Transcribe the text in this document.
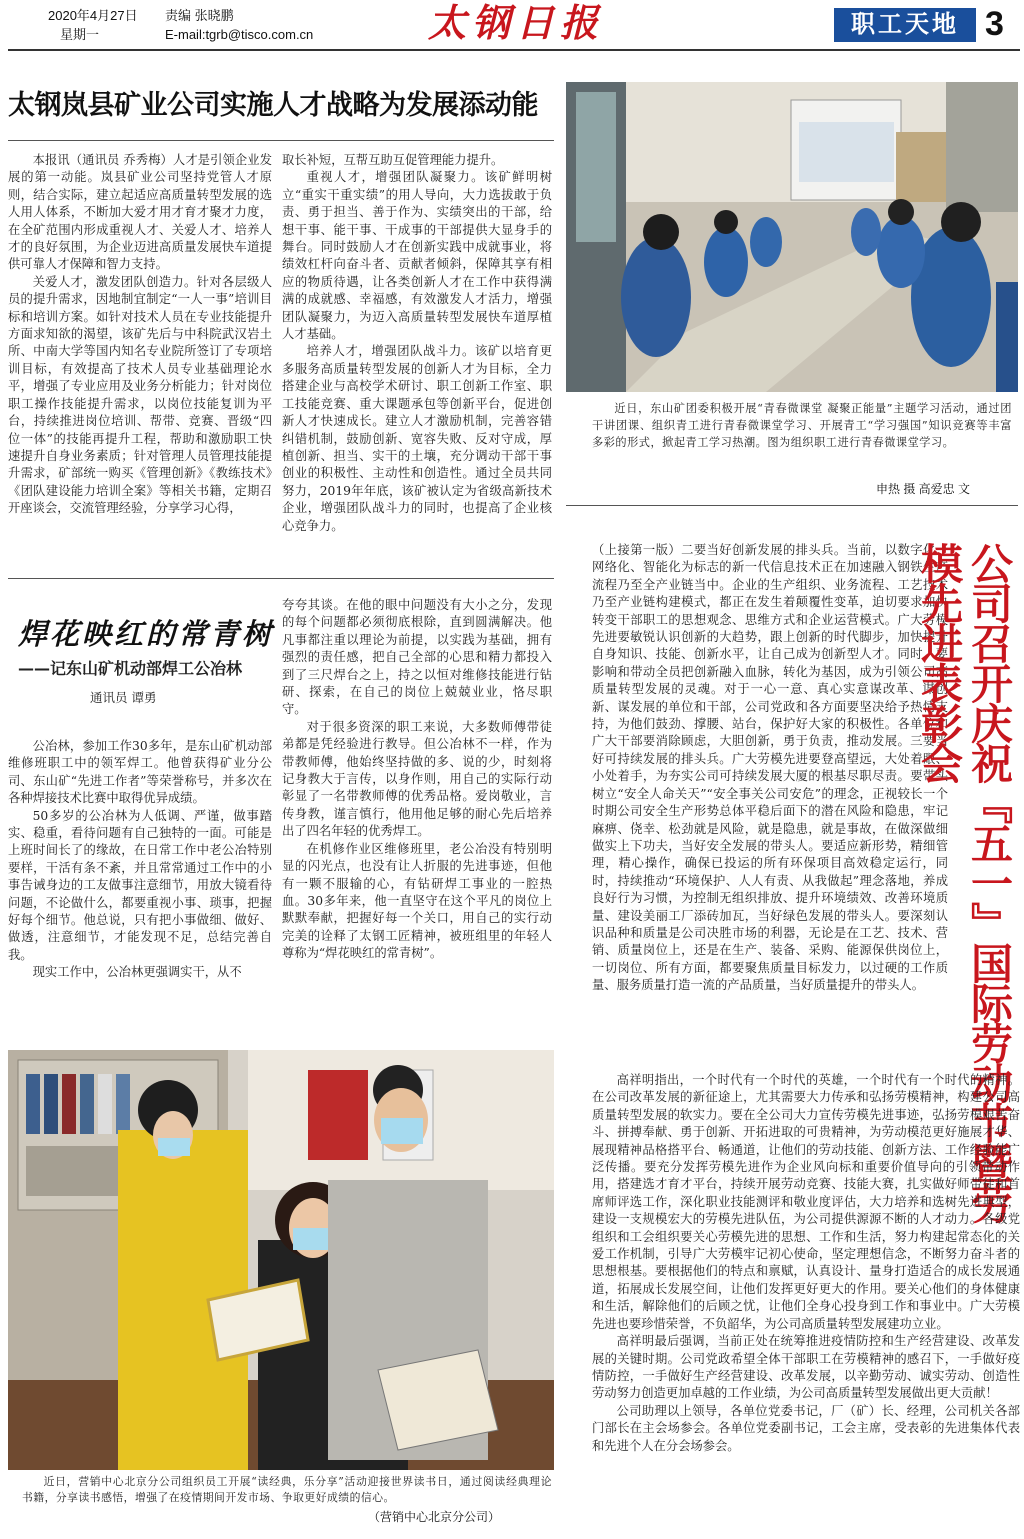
2020年4月27日
星期一
责编 张晓鹏
E-mail:tgrb@tisco.com.cn	太钢日报	职工天地 3
太钢岚县矿业公司实施人才战略为发展添动能

本报讯（通讯员 乔秀梅）人才是引领企业发展的第一动能。岚县矿业公司坚持党管人才原则，结合实际，建立起适应高质量转型发展的选人用人体系，不断加大爱才用才育才聚才力度，在全矿范围内形成重视人才、关爱人才、培养人才的良好氛围，为企业迈进高质量发展快车道提供可靠人才保障和智力支持。

关爱人才，激发团队创造力。针对各层级人员的提升需求，因地制宜制定“一人一事”培训目标和培训方案。如针对技术人员在专业技能提升方面求知欲的渴望，该矿先后与中科院武汉岩土所、中南大学等国内知名专业院所签订了专项培训目标，有效提高了技术人员专业基础理论水平，增强了专业应用及业务分析能力；针对岗位职工操作技能提升需求，以岗位技能复训为平台，持续推进岗位培训、帮带、竞赛、晋级“四位一体”的技能再提升工程，帮助和激励职工快速提升自身业务素质；针对管理人员管理技能提升需求，矿部统一购买《管理创新》《教练技术》《团队建设能力培训全案》等相关书籍，定期召开座谈会，交流管理经验，分享学习心得，

取长补短，互帮互助互促管理能力提升。

重视人才，增强团队凝聚力。该矿鲜明树立“重实干重实绩”的用人导向，大力选拔敢于负责、勇于担当、善于作为、实绩突出的干部，给想干事、能干事、干成事的干部提供大显身手的舞台。同时鼓励人才在创新实践中成就事业，将绩效杠杆向奋斗者、贡献者倾斜，保障其享有相应的物质待遇，让各类创新人才在工作中获得满满的成就感、幸福感，有效激发人才活力，增强团队凝聚力，为迈入高质量转型发展快车道厚植人才基础。

培养人才，增强团队战斗力。该矿以培育更多服务高质量转型发展的创新人才为目标，全力搭建企业与高校学术研讨、职工创新工作室、职工技能竞赛、重大课题承包等创新平台，促进创新人才快速成长。建立人才激励机制，完善容错纠错机制，鼓励创新、宽容失败、反对守成，厚植创新、担当、实干的土壤，充分调动干部干事创业的积极性、主动性和创造性。通过全员共同努力，2019年年底，该矿被认定为省级高新技术企业，增强团队战斗力的同时，也提高了企业核心竞争力。

近日，东山矿团委积极开展“青春微课堂 凝聚正能量”主题学习活动，通过团干讲团课、组织青工进行青春微课堂学习、开展青工“学习强国”知识竞赛等丰富多彩的形式，掀起青工学习热潮。图为组织职工进行青春微课堂学习。
申热 摄 高爱忠 文
焊花映红的常青树
——记东山矿机动部焊工公冶林
通讯员 谭勇

公冶林，参加工作30多年，是东山矿机动部维修班职工中的领军焊工。他曾获得矿业分公司、东山矿“先进工作者”等荣誉称号，并多次在各种焊接技术比赛中取得优异成绩。

50多岁的公冶林为人低调、严谨，做事踏实、稳重，看待问题有自己独特的一面。可能是上班时间长了的缘故，在日常工作中老公冶特别要样，干活有条不紊，并且常常通过工作中的小事告诫身边的工友做事注意细节，用放大镜看待问题，不论做什么，都要重视小事、琐事，把握好每个细节。他总说，只有把小事做细、做好、做透，注意细节，才能发现不足，总结完善自我。

现实工作中，公冶林更强调实干，从不

夸夸其谈。在他的眼中问题没有大小之分，发现的每个问题都必须彻底根除，直到圆满解决。他凡事都注重以理论为前提，以实践为基础，拥有强烈的责任感，把自己全部的心思和精力都投入到了三尺焊台之上，持之以恒对维修技能进行钻研、探索，在自己的岗位上兢兢业业，恪尽职守。

对于很多资深的职工来说，大多数师傅带徒弟都是凭经验进行教导。但公冶林不一样，作为带教师傅，他始终坚持做的多、说的少，时刻将记身教大于言传，以身作则，用自己的实际行动彰显了一名带教师傅的优秀品格。爱岗敬业，言传身教，谨言慎行，他用他足够的耐心先后培养出了四名年轻的优秀焊工。

在机修作业区维修班里，老公冶没有特别明显的闪光点，也没有让人折服的先进事迹，但他有一颗不服输的心，有钻研焊工事业的一腔热血。30多年来，他一直坚守在这个平凡的岗位上默默奉献，把握好每一个关口，用自己的实行动完美的诠释了太钢工匠精神，被班组里的年轻人尊称为“焊花映红的常青树”。

近日，营销中心北京分公司组织员工开展“读经典，乐分享”活动迎接世界读书日，通过阅读经典理论书籍，分享读书感悟，增强了在疫情期间开发市场、争取更好成绩的信心。
（营销中心北京分公司）

（上接第一版）二要当好创新发展的排头兵。当前，以数字化、网络化、智能化为标志的新一代信息技术正在加速融入钢铁生产流程乃至全产业链当中。企业的生产组织、业务流程、工艺技术乃至产业链构建模式，都正在发生着颠覆性变革，迫切要求加快转变干部职工的思想观念、思维方式和企业运营模式。广大劳模先进要敏锐认识创新的大趋势，跟上创新的时代脚步，加快提升自身知识、技能、创新水平，让自己成为创新型人才。同时，要影响和带动全员把创新融入血脉，转化为基因，成为引领公司高质量转型发展的灵魂。对于一心一意、真心实意谋改革、谋创新、谋发展的单位和干部，公司党政和各方面要坚决给予热情支持，为他们鼓劲、撑腰、站台，保护好大家的积极性。各单位和广大干部要消除顾虑，大胆创新，勇于负责，推动发展。三要当好可持续发展的排头兵。广大劳模先进要登高望远，大处着眼、小处着手，为夯实公司可持续发展大厦的根基尽职尽责。要带头树立“安全人命关天”“安全事关公司安危”的理念，正视较长一个时期公司安全生产形势总体平稳后面下的潜在风险和隐患，牢记麻痹、侥幸、松劲就是风险，就是隐患，就是事故，在做深做细做实上下功夫，当好安全发展的带头人。要适应新形势，精细管理，精心操作，确保已投运的所有环保项目高效稳定运行，同时，持续推动“环境保护、人人有责、从我做起”理念落地，养成良好行为习惯，为控制无组织排放、提升环境绩效、改善环境质量、建设美丽工厂添砖加瓦，当好绿色发展的带头人。要深刻认识品种和质量是公司决胜市场的利器，无论是在工艺、技术、营销、质量岗位上，还是在生产、装备、采购、能源保供岗位上，一切岗位、所有方面，都要聚焦质量目标发力，以过硬的工作质量、服务质量打造一流的产品质量，当好质量提升的带头人。 公司召开庆祝『五一』国际劳动节暨劳模先进表彰会

高祥明指出，一个时代有一个时代的英雄，一个时代有一个时代的精神。在公司改革发展的新征途上，尤其需要大力传承和弘扬劳模精神，构建公司高质量转型发展的软实力。要在全公司大力宣传劳模先进事迹，弘扬劳模艰苦奋斗、拼搏奉献、勇于创新、开拓进取的可贵精神，为劳动模范更好施展才华、展现精神品格搭平台、畅通道，让他们的劳动技能、创新方法、工作经验能广泛传播。要充分发挥劳模先进作为企业风向标和重要价值导向的引领带动作用，搭建选才育才平台，持续开展劳动竞赛、技能大赛，扎实做好师带徒和首席师评选工作，深化职业技能测评和敬业度评估，大力培养和选树先进典型，建设一支规模宏大的劳模先进队伍，为公司提供源源不断的人才动力。各级党组织和工会组织要关心劳模先进的思想、工作和生活，努力构建起常态化的关爱工作机制，引导广大劳模牢记初心使命，坚定理想信念，不断努力奋斗者的思想根基。要根据他们的特点和禀赋，认真设计、量身打造适合的成长发展通道，拓展成长发展空间，让他们发挥更好更大的作用。要关心他们的身体健康和生活，解除他们的后顾之忧，让他们全身心投身到工作和事业中。广大劳模先进也要珍惜荣誉，不负韶华，为公司高质量转型发展建功立业。

高祥明最后强调，当前正处在统筹推进疫情防控和生产经营建设、改革发展的关键时期。公司党政希望全体干部职工在劳模精神的感召下，一手做好疫情防控，一手做好生产经营建设、改革发展，以辛勤劳动、诚实劳动、创造性劳动努力创造更加卓越的工作业绩，为公司高质量转型发展做出更大贡献！

公司助理以上领导，各单位党委书记，厂（矿）长、经理，公司机关各部门部长在主会场参会。各单位党委副书记，工会主席，受表彰的先进集体代表和先进个人在分会场参会。
